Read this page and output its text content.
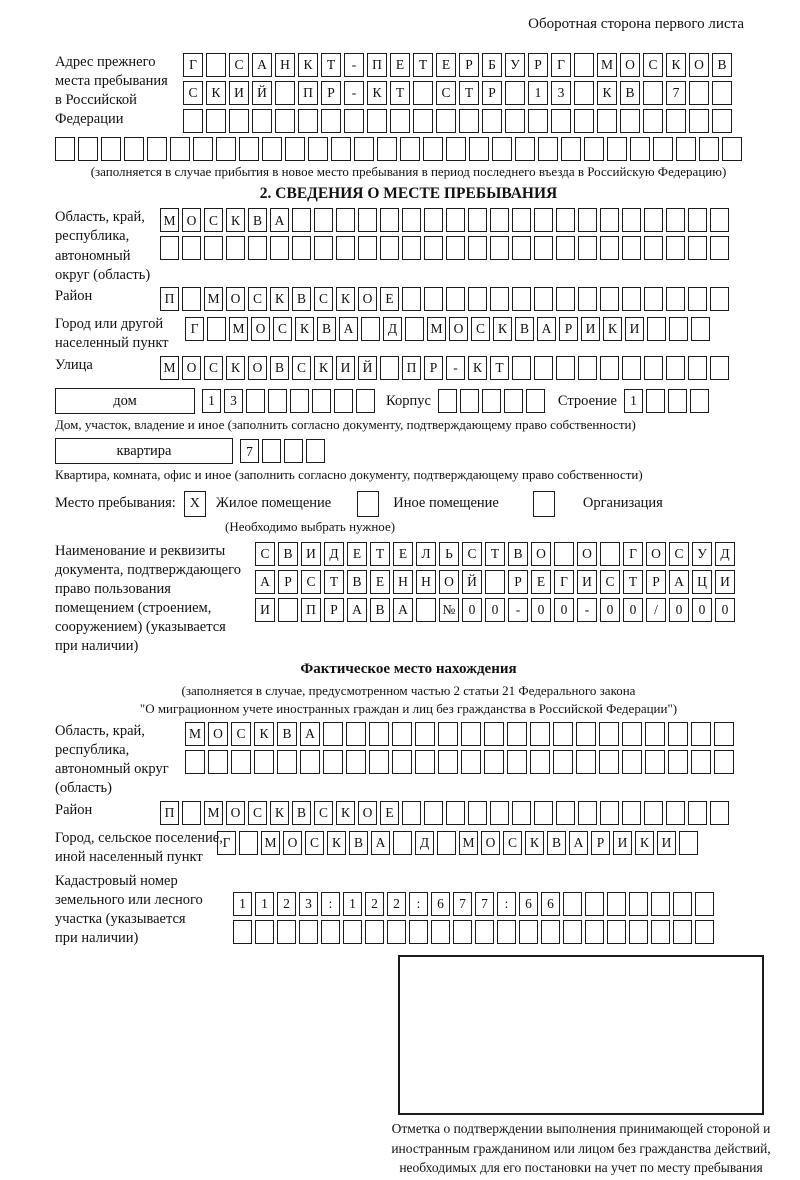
Оборотная сторона первого листа
Адрес прежнего
места пребывания
в Российской
Федерации
Г	С	А Н	К	Т	-	П	Е	Т	Е	Р	Б	У	Р	Г	М О	С	К	О	В
С	К	И Й	П	Р	-	К	Т	С	Т	Р	1	3	К	В	7
(заполняется в случае прибытия в новое место пребывания в период последнего въезда в Российскую Федерацию)
2. СВЕДЕНИЯ О МЕСТЕ ПРЕБЫВАНИЯ
Область, край,
республика,
автономный
округ (область)
М О С К В А
Район	П	М О С К В С К О Е
Город или другой
населенный пункт
Г	М О С К В А	Д	М О С К В А Р И К И
Улица	М О С К О В С К И Й	П Р	-	К Т
дом	1	3	Корпус	Строение 1
Дом, участок, владение и иное (заполнить согласно документу, подтверждающему право собственности)
квартира	7
Квартира, комната, офис и иное (заполнить согласно документу, подтверждающему право собственности)
Место пребывания: X	Жилое помещение	Иное помещение	Организация
(Необходимо выбрать нужное)
Наименование и реквизиты
документа, подтверждающего
право пользования
помещением (строением,
сооружением) (указывается
при наличии)
С	В	И	Д	Е	Т	Е	Л	Ь	С	Т	В	О	О	Г	О	С	У	Д
А	Р	С	Т	В	Е	Н Н О Й	Р	Е	Г	И	С	Т	Р	А Ц И
И	П	Р	А	В	А	№ 0	0	-	0	0	-	0	0	/	0	0	0
Фактическое место нахождения
(заполняется в случае, предусмотренном частью 2 статьи 21 Федерального закона
"О миграционном учете иностранных граждан и лиц без гражданства в Российской Федерации")
Область, край,
республика,
автономный округ
(область)
М О	С	К	В	А
Район	П	М О С К В С К О Е
Город, сельское поселение,
иной населенный пункт
Г	М О С К В А	Д	М О С К В А Р И К И
Кадастровый номер
земельного или лесного
участка (указывается
при наличии)
1	1	2	3	:	1	2	2	:	6	7	7	:	6	6
Отметка о подтверждении выполнения принимающей стороной и иностранным гражданином или лицом без гражданства действий, необходимых для его постановки на учет по месту пребывания
